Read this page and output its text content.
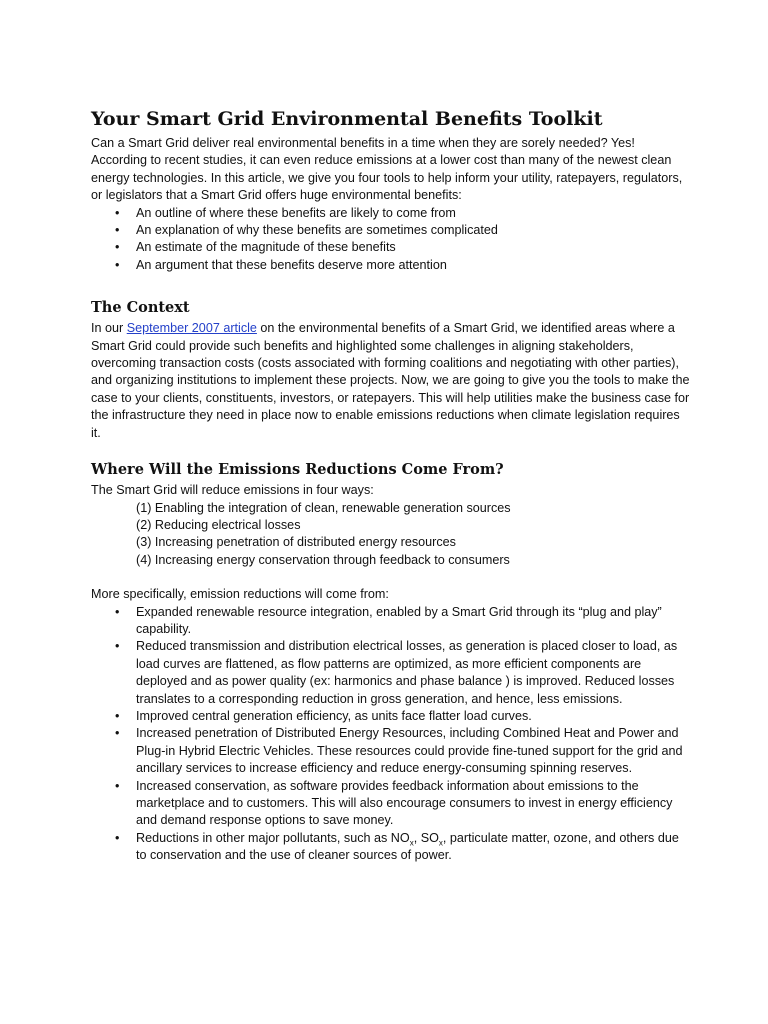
Your Smart Grid Environmental Benefits Toolkit

Can a Smart Grid deliver real environmental benefits in a time when they are sorely needed? Yes! According to recent studies, it can even reduce emissions at a lower cost than many of the newest clean energy technologies. In this article, we give you four tools to help inform your utility, ratepayers, regulators, or legislators that a Smart Grid offers huge environmental benefits:

• An outline of where these benefits are likely to come from
• An explanation of why these benefits are sometimes complicated
• An estimate of the magnitude of these benefits
• An argument that these benefits deserve more attention
The Context

In our September 2007 article on the environmental benefits of a Smart Grid, we identified areas where a Smart Grid could provide such benefits and highlighted some challenges in aligning stakeholders, overcoming transaction costs (costs associated with forming coalitions and negotiating with other parties), and organizing institutions to implement these projects. Now, we are going to give you the tools to make the case to your clients, constituents, investors, or ratepayers. This will help utilities make the business case for the infrastructure they need in place now to enable emissions reductions when climate legislation requires it.

Where Will the Emissions Reductions Come From?

The Smart Grid will reduce emissions in four ways:

(1) Enabling the integration of clean, renewable generation sources
(2) Reducing electrical losses
(3) Increasing penetration of distributed energy resources
(4) Increasing energy conservation through feedback to consumers

More specifically, emission reductions will come from:

• Expanded renewable resource integration, enabled by a Smart Grid through its “plug and play” capability.
• Reduced transmission and distribution electrical losses, as generation is placed closer to load, as load curves are flattened, as flow patterns are optimized, as more efficient components are deployed and as power quality (ex: harmonics and phase balance ) is improved. Reduced losses translates to a corresponding reduction in gross generation, and hence, less emissions.
• Improved central generation efficiency, as units face flatter load curves.
• Increased penetration of Distributed Energy Resources, including Combined Heat and Power and Plug-in Hybrid Electric Vehicles. These resources could provide fine-tuned support for the grid and ancillary services to increase efficiency and reduce energy-consuming spinning reserves.
• Increased conservation, as software provides feedback information about emissions to the marketplace and to customers. This will also encourage consumers to invest in energy efficiency and demand response options to save money.
• Reductions in other major pollutants, such as $NO_x$, $SO_x$, particulate matter, ozone, and others due to conservation and the use of cleaner sources of power.
